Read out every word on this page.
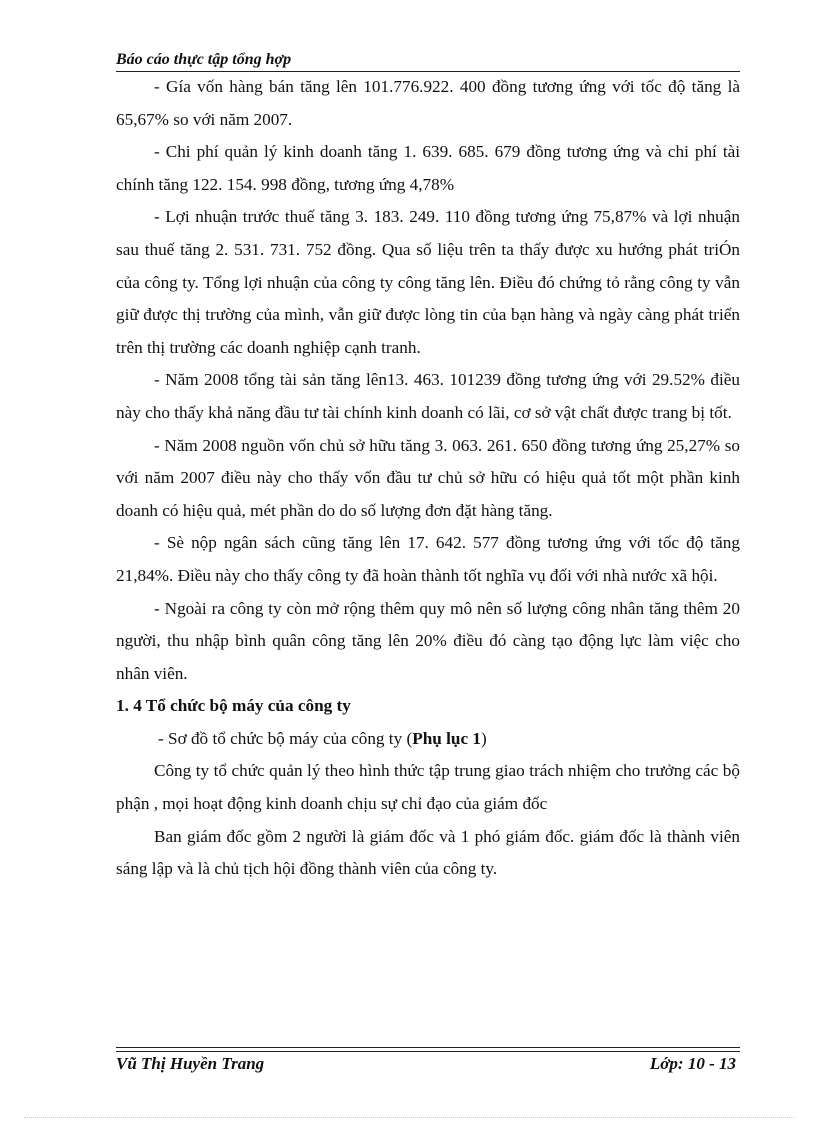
Báo cáo thực tập tổng hợp

- Gía vốn hàng bán tăng lên 101.776.922. 400 đồng tương ứng với tốc độ tăng là 65,67% so với năm 2007.

- Chi phí quản lý kinh doanh tăng 1. 639. 685. 679 đồng tương ứng và chi phí tài chính tăng 122. 154. 998 đồng, tương ứng 4,78%

- Lợi nhuận trước thuế tăng 3. 183. 249. 110 đồng tương ứng 75,87% và lợi nhuận sau thuế tăng 2. 531. 731. 752 đồng. Qua số liệu trên ta thấy được xu hướng phát triÓn của công ty. Tổng lợi nhuận của công ty công tăng lên. Điều đó chứng tỏ rằng công ty vẫn giữ được thị trường của mình, vẫn giữ được lòng tin của bạn hàng và ngày càng phát triển trên thị trường các doanh nghiệp cạnh tranh.

- Năm 2008 tổng tài sản tăng lên13. 463. 101239 đồng tương ứng với 29.52% điều này cho thấy khả năng đầu tư tài chính kinh doanh có lãi, cơ sở vật chất được trang bị tốt.

- Năm 2008 nguồn vốn chủ sở hữu tăng 3. 063. 261. 650 đồng tương ứng 25,27% so với năm 2007 điều này cho thấy vốn đầu tư chủ sở hữu có hiệu quả tốt một phần kinh doanh có hiệu quả, mét phần do do số lượng đơn đặt hàng tăng.

- Sè nộp ngân sách cũng tăng lên 17. 642. 577 đồng tương ứng với tốc độ tăng 21,84%. Điều này cho thấy công ty đã hoàn thành tốt nghĩa vụ đối với nhà nước xã hội.

- Ngoài ra công ty còn mở rộng thêm quy mô nên số lượng công nhân tăng thêm 20 người, thu nhập bình quân công tăng lên 20% điều đó càng tạo động lực làm việc cho nhân viên.

1. 4 Tổ chức bộ máy của công ty

- Sơ đồ tổ chức bộ máy của công ty (Phụ lục 1)

Công ty tổ chức quản lý theo hình thức tập trung giao trách nhiệm cho trưởng các bộ phận , mọi hoạt động kinh doanh chịu sự chỉ đạo của giám đốc

Ban giám đốc gồm 2 người là giám đốc và 1 phó giám đốc. giám đốc là thành viên sáng lập và là chủ tịch hội đồng thành viên của công ty.

Vũ Thị Huyền Trang	Lớp: 10 - 13
